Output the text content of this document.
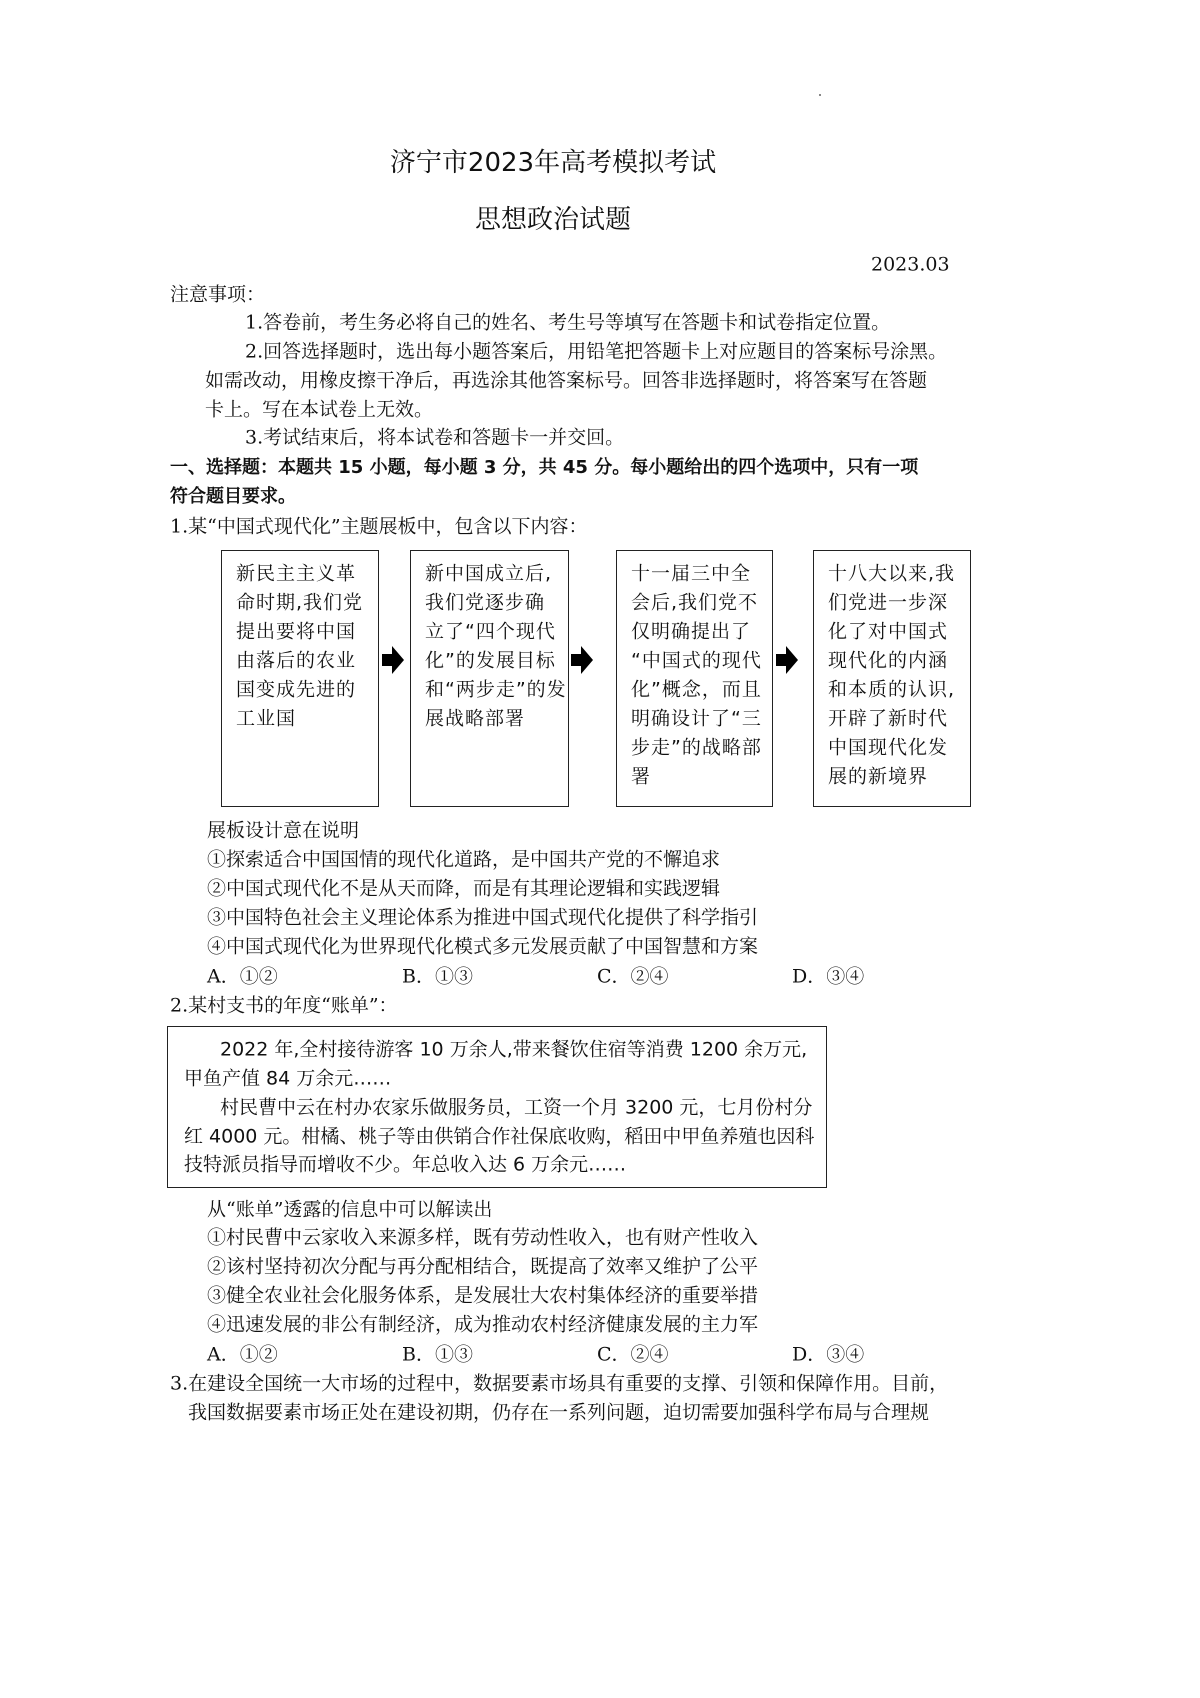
济宁市2023年高考模拟考试
思想政治试题
2023.03
注意事项：
1.答卷前，考生务必将自己的姓名、考生号等填写在答题卡和试卷指定位置。
2.回答选择题时，选出每小题答案后，用铅笔把答题卡上对应题目的答案标号涂黑。
如需改动，用橡皮擦干净后，再选涂其他答案标号。回答非选择题时，将答案写在答题
卡上。写在本试卷上无效。
3.考试结束后，将本试卷和答题卡一并交回。
一、选择题：本题共 15 小题，每小题 3 分，共 45 分。每小题给出的四个选项中，只有一项
符合题目要求。
1.某“中国式现代化”主题展板中，包含以下内容：
新民主主义革
命时期,我们党
提出要将中国
由落后的农业
国变成先进的
工业国
新中国成立后,
我们党逐步确
立了“四个现代
化”的发展目标
和“两步走”的发
展战略部署
十一届三中全
会后,我们党不
仅明确提出了
“中国式的现代
化”概念，而且
明确设计了“三
步走”的战略部
署
十八大以来,我
们党进一步深
化了对中国式
现代化的内涵
和本质的认识,
开辟了新时代
中国现代化发
展的新境界
展板设计意在说明
①探索适合中国国情的现代化道路，是中国共产党的不懈追求
②中国式现代化不是从天而降，而是有其理论逻辑和实践逻辑
③中国特色社会主义理论体系为推进中国式现代化提供了科学指引
④中国式现代化为世界现代化模式多元发展贡献了中国智慧和方案
A．①②	B．①③	C．②④	D．③④
2.某村支书的年度“账单”：
2022 年,全村接待游客 10 万余人,带来餐饮住宿等消费 1200 余万元,
甲鱼产值 84 万余元……
村民曹中云在村办农家乐做服务员，工资一个月 3200 元，七月份村分
红 4000 元。柑橘、桃子等由供销合作社保底收购，稻田中甲鱼养殖也因科
技特派员指导而增收不少。年总收入达 6 万余元……
从“账单”透露的信息中可以解读出
①村民曹中云家收入来源多样，既有劳动性收入，也有财产性收入
②该村坚持初次分配与再分配相结合，既提高了效率又维护了公平
③健全农业社会化服务体系，是发展壮大农村集体经济的重要举措
④迅速发展的非公有制经济，成为推动农村经济健康发展的主力军
A．①②	B．①③	C．②④	D．③④
3.在建设全国统一大市场的过程中，数据要素市场具有重要的支撑、引领和保障作用。目前，
我国数据要素市场正处在建设初期，仍存在一系列问题，迫切需要加强科学布局与合理规
